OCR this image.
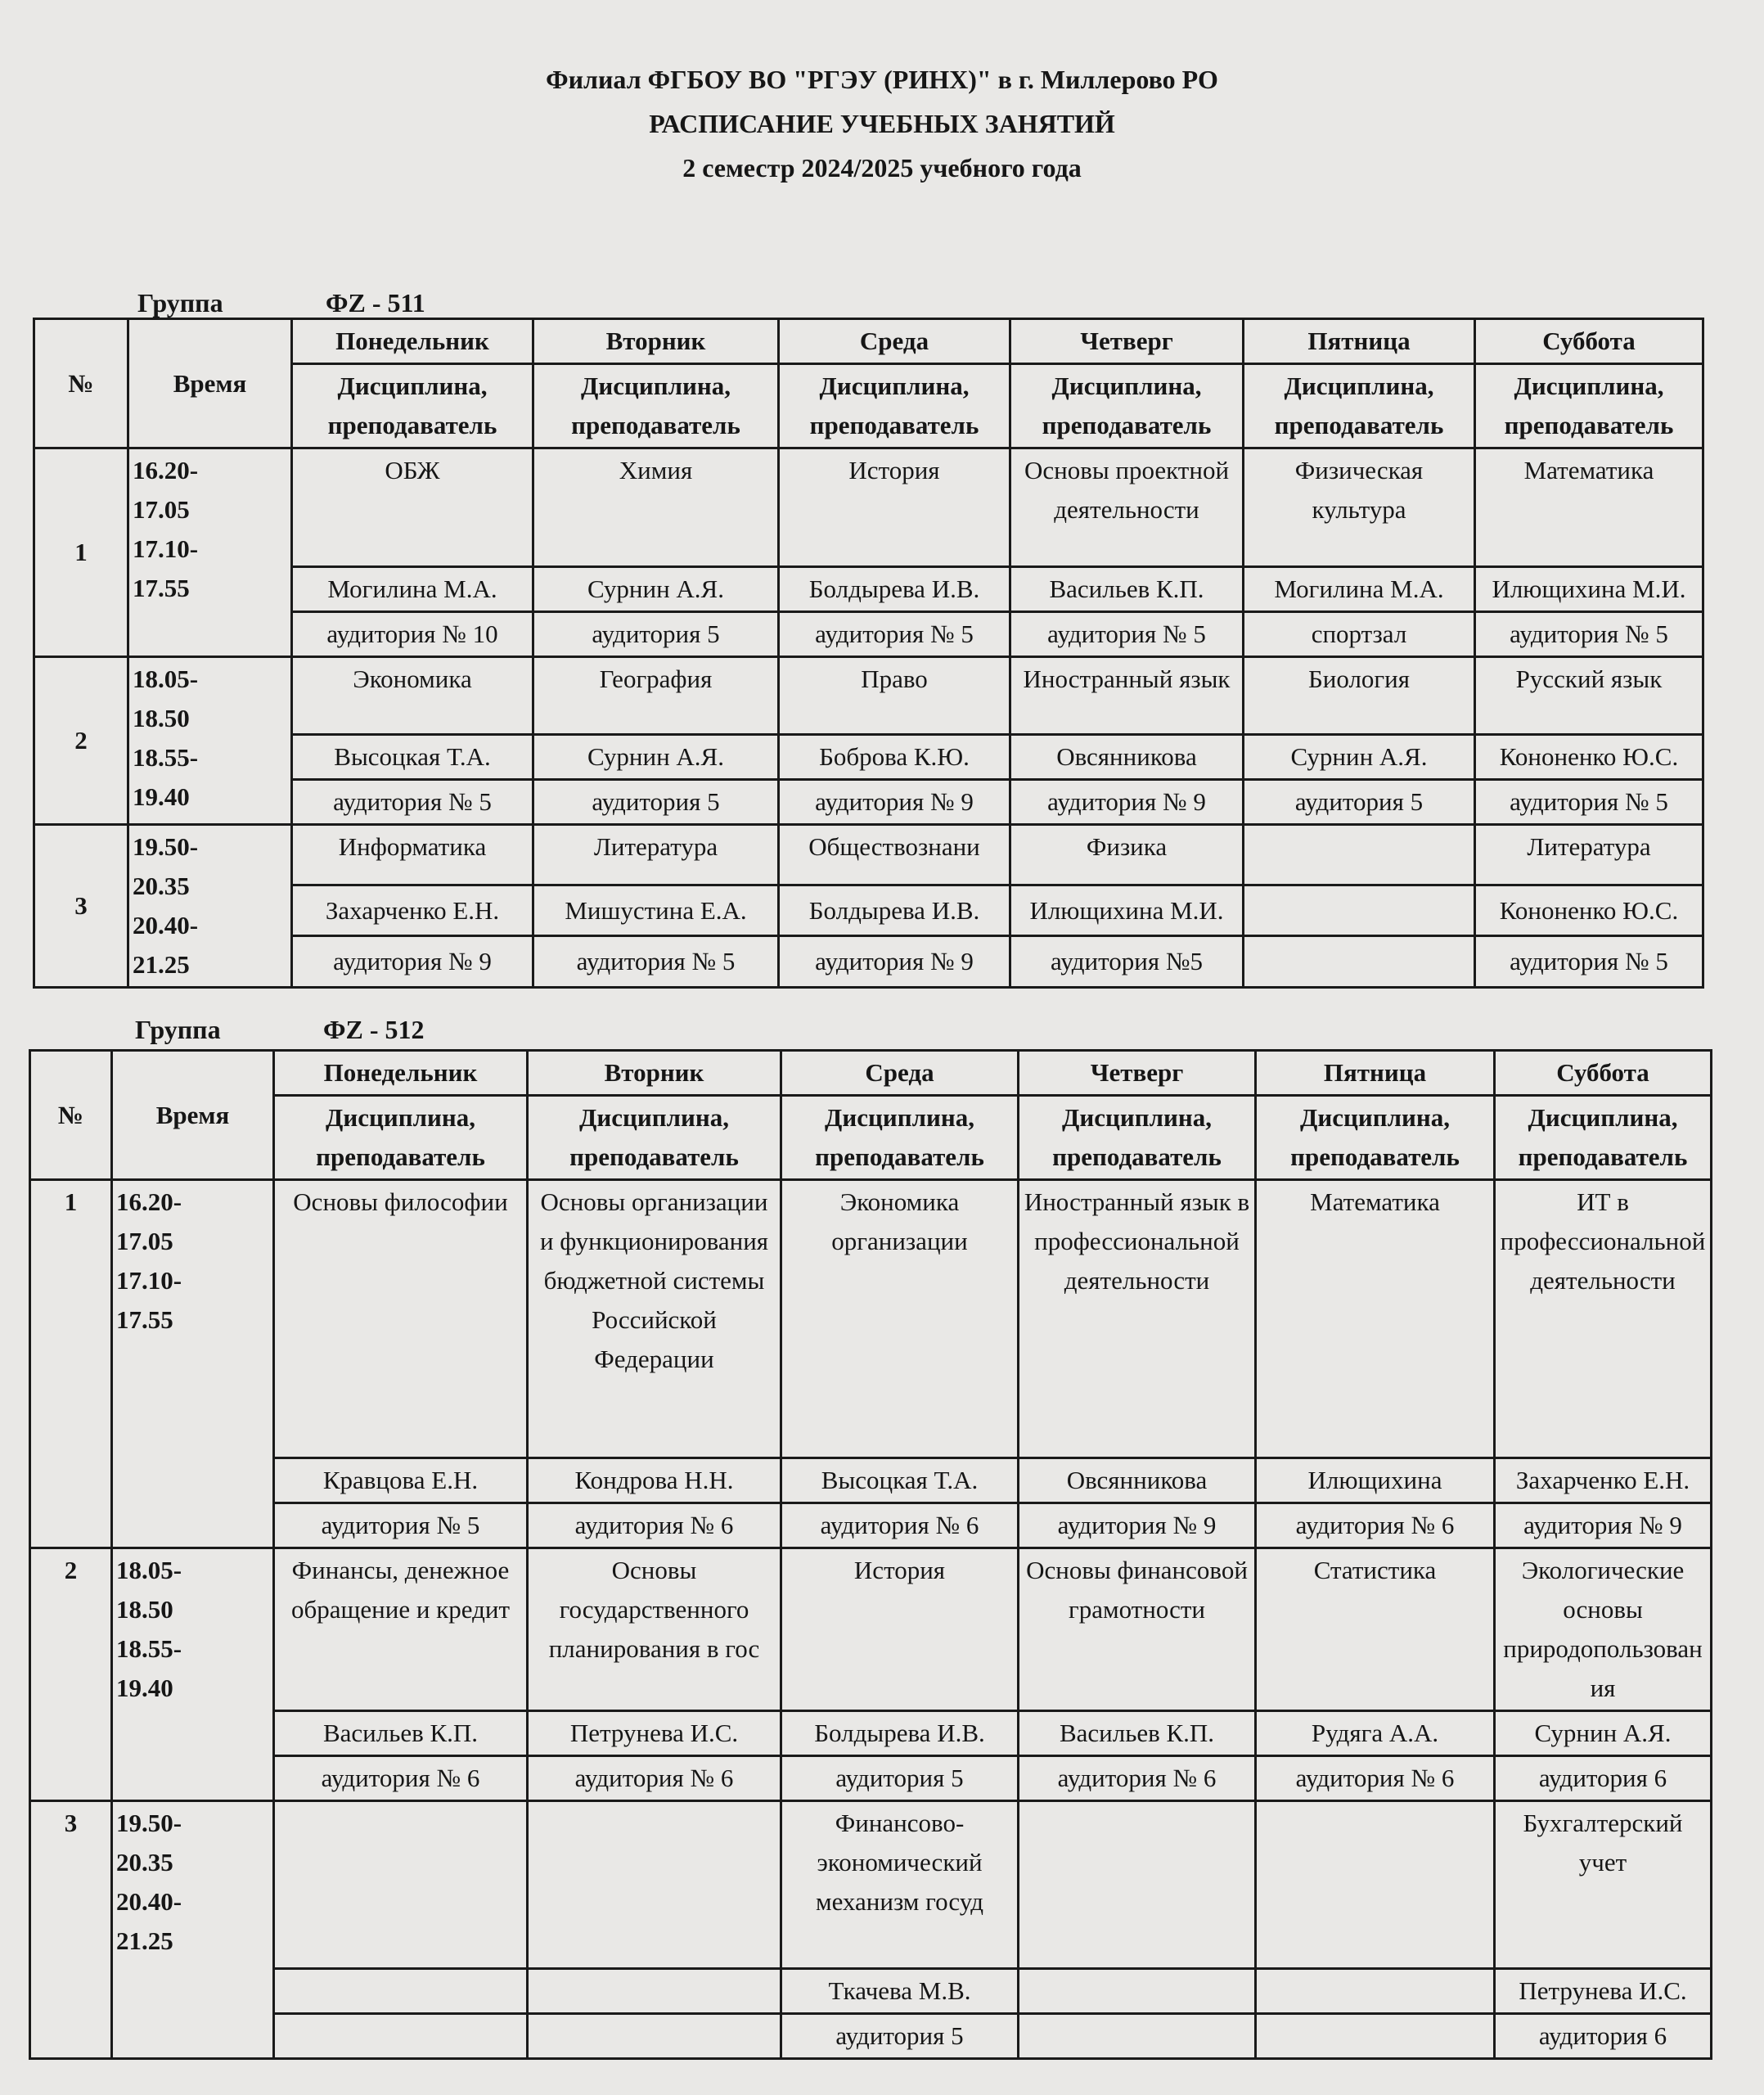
Филиал ФГБОУ ВО "РГЭУ (РИНХ)" в г. Миллерово РО
РАСПИСАНИЕ УЧЕБНЫХ ЗАНЯТИЙ
2 семестр 2024/2025 учебного года
Группа	ФZ - 511
№	Время	Понедельник	Вторник	Среда	Четверг	Пятница	Суббота
		Дисциплина, преподаватель	Дисциплина, преподаватель	Дисциплина, преподаватель	Дисциплина, преподаватель	Дисциплина, преподаватель	Дисциплина, преподаватель
1	16.20-
17.05
17.10-
17.55	ОБЖ	Химия	История	Основы проектной деятельности	Физическая культура	Математика
		Могилина М.А.	Сурнин А.Я.	Болдырева И.В.	Васильев К.П.	Могилина М.А.	Илющихина М.И.
		аудитория № 10	аудитория 5	аудитория № 5	аудитория № 5	спортзал	аудитория № 5
2	18.05-
18.50
18.55-
19.40	Экономика	География	Право	Иностранный язык	Биология	Русский язык
		Высоцкая Т.А.	Сурнин А.Я.	Боброва К.Ю.	Овсянникова	Сурнин А.Я.	Кононенко Ю.С.
		аудитория № 5	аудитория 5	аудитория № 9	аудитория № 9	аудитория 5	аудитория № 5
3	19.50-
20.35
20.40-
21.25	Информатика	Литература	Обществознани	Физика		Литература
		Захарченко Е.Н.	Мишустина Е.А.	Болдырева И.В.	Илющихина М.И.		Кононенко Ю.С.
		аудитория № 9	аудитория № 5	аудитория № 9	аудитория №5		аудитория № 5
Группа	ФZ - 512
№	Время	Понедельник	Вторник	Среда	Четверг	Пятница	Суббота
		Дисциплина, преподаватель	Дисциплина, преподаватель	Дисциплина, преподаватель	Дисциплина, преподаватель	Дисциплина, преподаватель	Дисциплина, преподаватель
1	16.20-
17.05
17.10-
17.55	Основы философии	Основы организации и функционирования бюджетной системы Российской Федерации	Экономика организации	Иностранный язык в профессиональной деятельности	Математика	ИТ в профессиональной деятельности
		Кравцова Е.Н.	Кондрова Н.Н.	Высоцкая Т.А.	Овсянникова	Илющихина	Захарченко Е.Н.
		аудитория № 5	аудитория № 6	аудитория № 6	аудитория № 9	аудитория № 6	аудитория № 9
2	18.05-
18.50
18.55-
19.40	Финансы, денежное обращение и кредит	Основы государственного планирования в гос	История	Основы финансовой грамотности	Статистика	Экологические основы природопользования
		Васильев К.П.	Петрунева И.С.	Болдырева И.В.	Васильев К.П.	Рудяга А.А.	Сурнин А.Я.
		аудитория № 6	аудитория № 6	аудитория 5	аудитория № 6	аудитория № 6	аудитория 6
3	19.50-
20.35
20.40-
21.25			Финансово-экономический механизм госуд			Бухгалтерский учет
				Ткачева М.В.			Петрунева И.С.
				аудитория 5			аудитория 6
